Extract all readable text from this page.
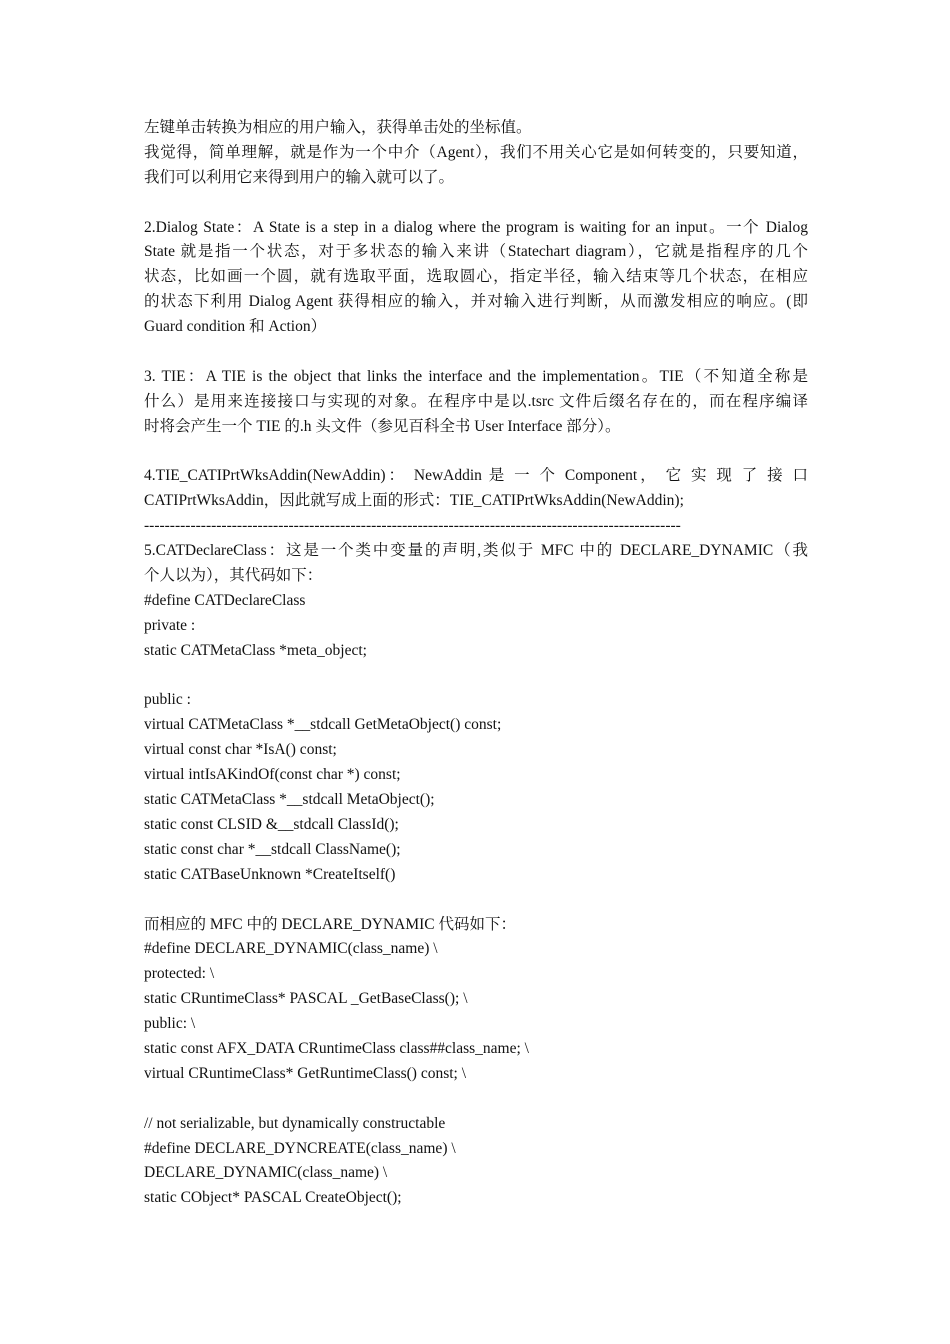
左键单击转换为相应的用户输入，获得单击处的坐标值。
我觉得，简单理解，就是作为一个中介（Agent），我们不用关心它是如何转变的，只要知道，
我们可以利用它来得到用户的输入就可以了。
2.Dialog State：A State is a step in a dialog where the program is waiting for an input。一个 Dialog
State 就是指一个状态，对于多状态的输入来讲（Statechart diagram），它就是指程序的几个
状态，比如画一个圆，就有选取平面，选取圆心，指定半径，输入结束等几个状态，在相应
的状态下利用 Dialog Agent 获得相应的输入，并对输入进行判断，从而激发相应的响应。(即
Guard condition 和 Action）
3. TIE：A TIE is the object that links the interface and the implementation。TIE（不知道全称是
什么）是用来连接接口与实现的对象。在程序中是以.tsrc 文件后缀名存在的，而在程序编译
时将会产生一个 TIE 的.h 头文件（参见百科全书 User Interface 部分）。
4.TIE_CATIPrtWksAddin(NewAddin)： NewAddin 是 一 个 Component， 它 实 现 了 接 口
CATIPrtWksAddin，因此就写成上面的形式：TIE_CATIPrtWksAddin(NewAddin);
--------------------------------------------------------------------------------------------------------
5.CATDeclareClass：这是一个类中变量的声明,类似于 MFC 中的 DECLARE_DYNAMIC（我
个人以为），其代码如下：
#define CATDeclareClass
private :
static CATMetaClass *meta_object;
public :
virtual CATMetaClass *__stdcall GetMetaObject() const;
virtual const char *IsA() const;
virtual intIsAKindOf(const char *) const;
static CATMetaClass *__stdcall MetaObject();
static const CLSID &__stdcall ClassId();
static const char *__stdcall ClassName();
static CATBaseUnknown *CreateItself()
而相应的 MFC 中的 DECLARE_DYNAMIC 代码如下：
#define DECLARE_DYNAMIC(class_name) \
protected: \
static CRuntimeClass* PASCAL _GetBaseClass(); \
public: \
static const AFX_DATA CRuntimeClass class##class_name; \
virtual CRuntimeClass* GetRuntimeClass() const; \
// not serializable, but dynamically constructable
#define DECLARE_DYNCREATE(class_name) \
DECLARE_DYNAMIC(class_name) \
static CObject* PASCAL CreateObject();
